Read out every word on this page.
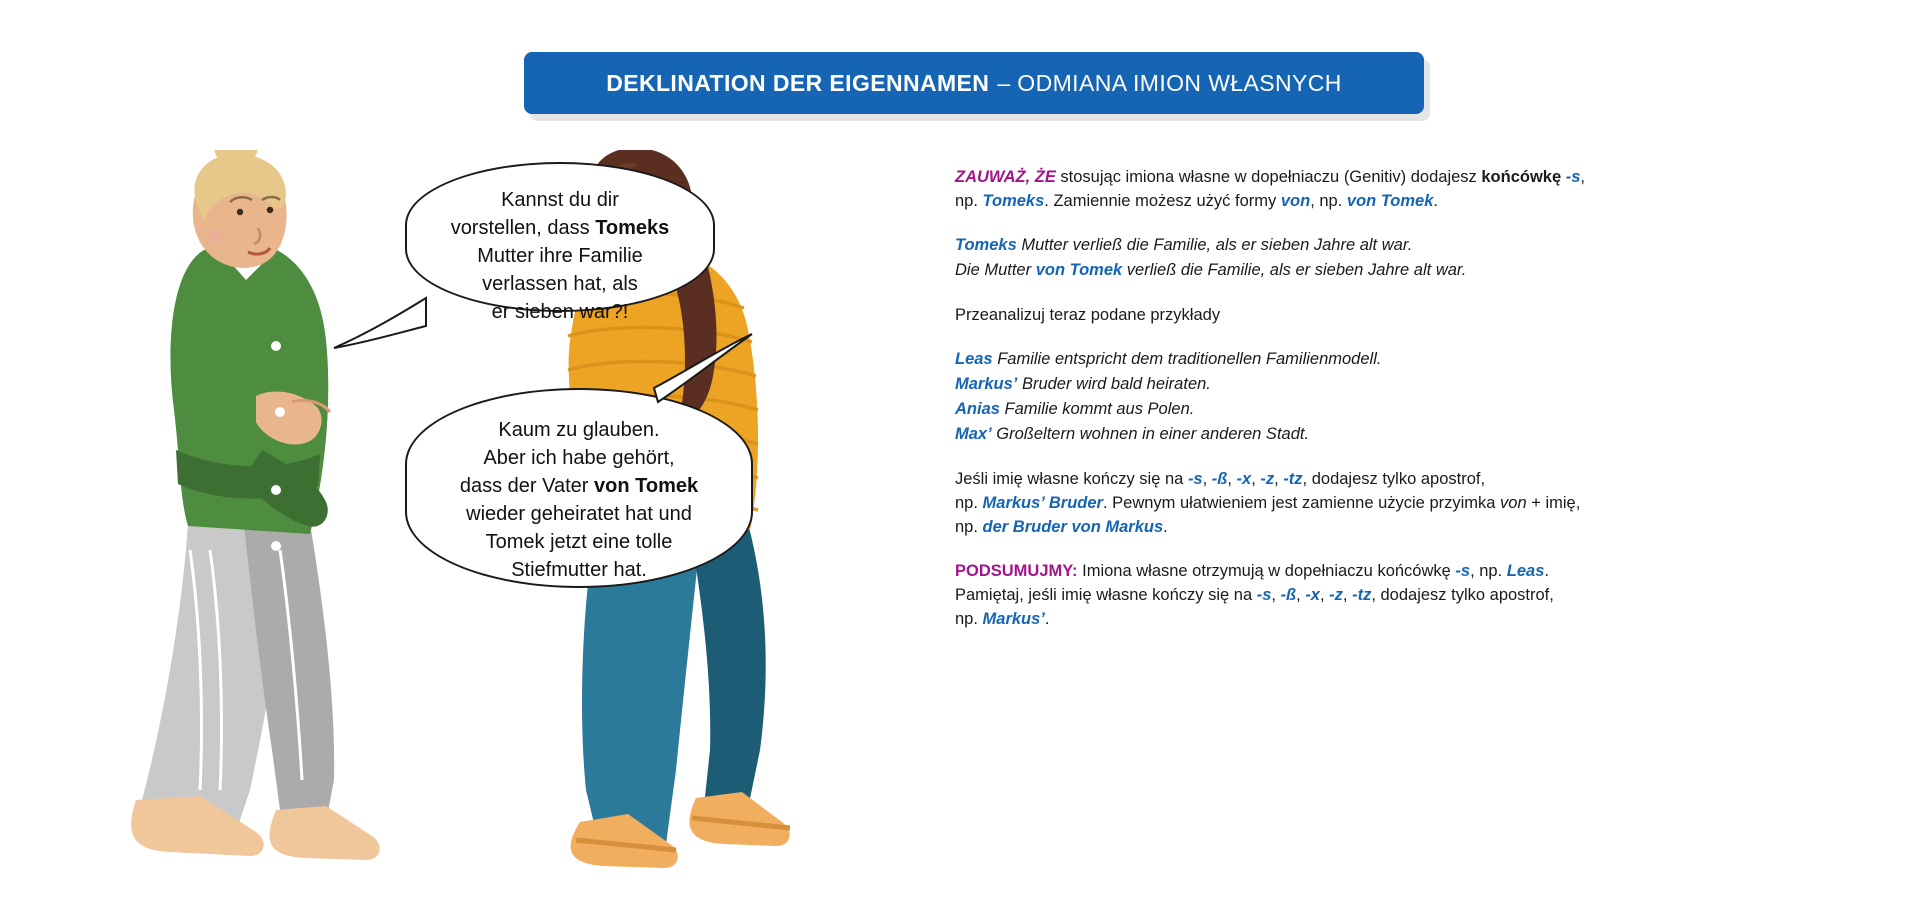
DEKLINATION DER EIGENNAMEN – ODMIANA IMION WŁASNYCH
Kannst du dir
vorstellen, dass Tomeks
Mutter ihre Familie
verlassen hat, als
er sieben war?!
Kaum zu glauben.
Aber ich habe gehört,
dass der Vater von Tomek
wieder geheiratet hat und
Tomek jetzt eine tolle
Stiefmutter hat.

ZAUWAŻ, ŻE stosując imiona własne w dopełniaczu (Genitiv) dodajesz końcówkę -s,

np. Tomeks. Zamiennie możesz użyć formy von, np. von Tomek.

Tomeks Mutter verließ die Familie, als er sieben Jahre alt war.

Die Mutter von Tomek verließ die Familie, als er sieben Jahre alt war.

Przeanalizuj teraz podane przykłady

Leas Familie entspricht dem traditionellen Familienmodell.

Markus’ Bruder wird bald heiraten.

Anias Familie kommt aus Polen.

Max’ Großeltern wohnen in einer anderen Stadt.

Jeśli imię własne kończy się na -s, -ß, -x, -z, -tz, dodajesz tylko apostrof,

np. Markus’ Bruder. Pewnym ułatwieniem jest zamienne użycie przyimka von + imię,

np. der Bruder von Markus.

PODSUMUJMY: Imiona własne otrzymują w dopełniaczu końcówkę -s, np. Leas.

Pamiętaj, jeśli imię własne kończy się na -s, -ß, -x, -z, -tz, dodajesz tylko apostrof,

np. Markus’.
